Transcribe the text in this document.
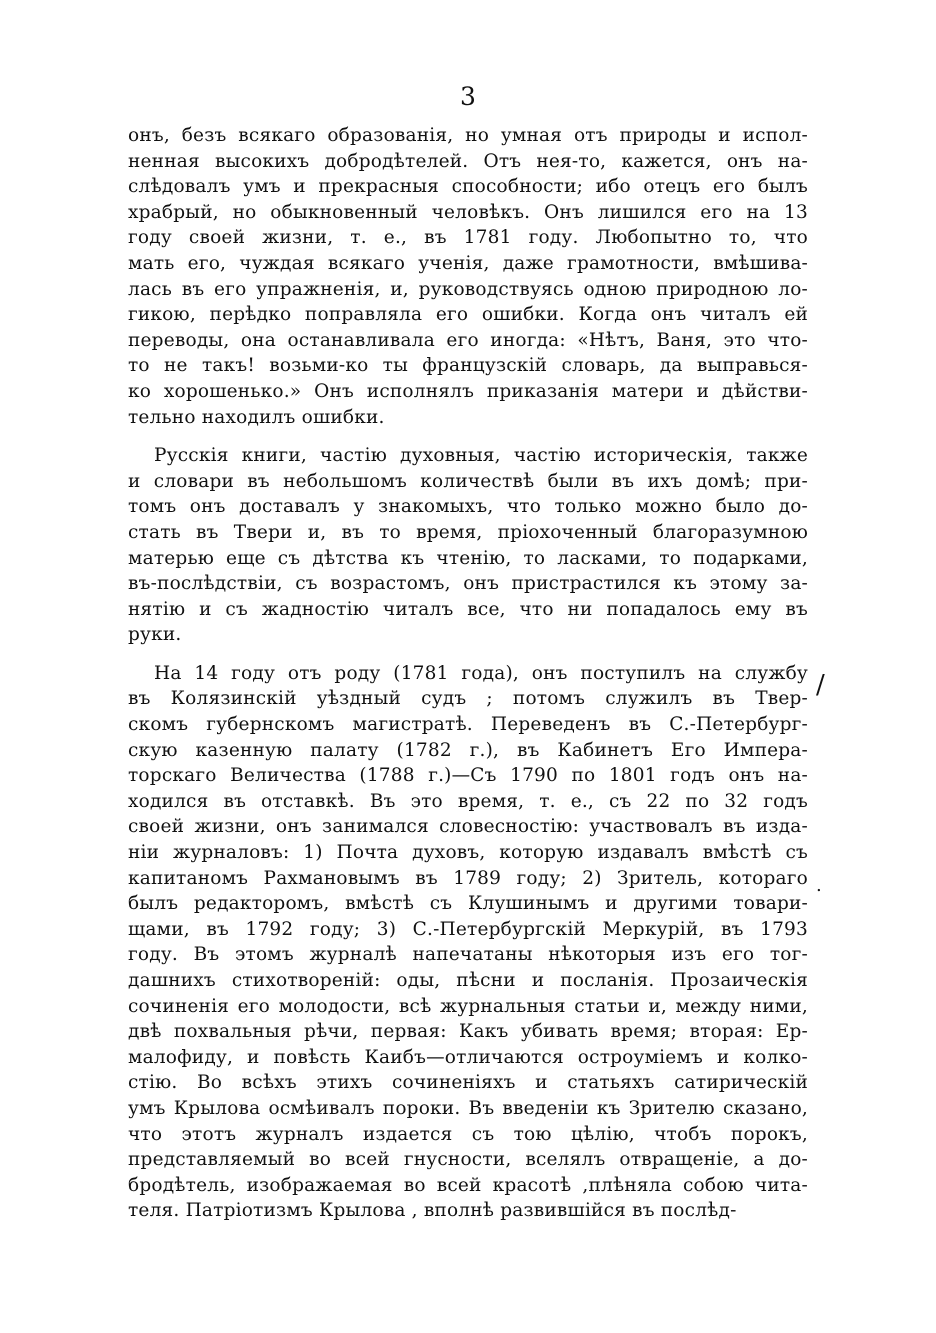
3
онъ, безъ всякаго образованія, но умная отъ природы и испол-
ненная высокихъ добродѣтелей. Отъ нея-то, кажется, онъ на-
слѣдовалъ умъ и прекрасныя способности; ибо отецъ его былъ
храбрый, но обыкновенный человѣкъ. Онъ лишился его на 13
году своей жизни, т. е., въ 1781 году. Любопытно то, что
мать его, чуждая всякаго ученія, даже грамотности, вмѣшива-
лась въ его упражненія, и, руководствуясь одною природною ло-
гикою, перѣдко поправляла его ошибки. Когда онъ читалъ ей
переводы, она останавливала его иногда: «Нѣтъ, Ваня, это что-
то не такъ! возьми-ко ты французскій словарь, да выправься-
ко хорошенько.» Онъ исполнялъ приказанія матери и дѣйстви-
тельно находилъ ошибки.
Русскія книги, частію духовныя, частію историческія, также
и словари въ небольшомъ количествѣ были въ ихъ домѣ; при-
томъ онъ доставалъ у знакомыхъ, что только можно было до-
стать въ Твери и, въ то время, пріохоченный благоразумною
матерью еще съ дѣтства къ чтенію, то ласками, то подарками,
въ-послѣдствіи, съ возрастомъ, онъ пристрастился къ этому за-
нятію и съ жадностію читалъ все, что ни попадалось ему въ
руки.
На 14 году отъ роду (1781 года), онъ поступилъ на службу
въ Колязинскій уѣздный судъ ; потомъ служилъ въ Твер-
скомъ губернскомъ магистратѣ. Переведенъ въ С.-Петербург-
скую казенную палату (1782 г.), въ Кабинетъ Его Импера-
торскаго Величества (1788 г.)—Съ 1790 по 1801 годъ онъ на-
ходился въ отставкѣ. Въ это время, т. е., съ 22 по 32 годъ
своей жизни, онъ занимался словесностію: участвовалъ въ изда-
ніи журналовъ: 1) Почта духовъ, которую издавалъ вмѣстѣ съ
капитаномъ Рахмановымъ въ 1789 году; 2) Зритель, котораго
былъ редакторомъ, вмѣстѣ съ Клушинымъ и другими товари-
щами, въ 1792 году; 3) С.-Петербургскій Меркурій, въ 1793
году. Въ этомъ журналѣ напечатаны нѣкоторыя изъ его тог-
дашнихъ стихотвореній: оды, пѣсни и посланія. Прозаическія
сочиненія его молодости, всѣ журнальныя статьи и, между ними,
двѣ похвальныя рѣчи, первая: Какъ убивать время; вторая: Ер-
малофиду, и повѣсть Каибъ—отличаются остроуміемъ и колко-
стію. Во всѣхъ этихъ сочиненіяхъ и статьяхъ сатирическій
умъ Крылова осмѣивалъ пороки. Въ введеніи къ Зрителю сказано,
что этотъ журналъ издается съ тою цѣлію, чтобъ порокъ,
представляемый во всей гнусности, вселялъ отвращеніе, а до-
бродѣтель, изображаемая во всей красотѣ ,плѣняла собою чита-
теля. Патріотизмъ Крылова , вполнѣ развившійся въ послѣд-
/
.
